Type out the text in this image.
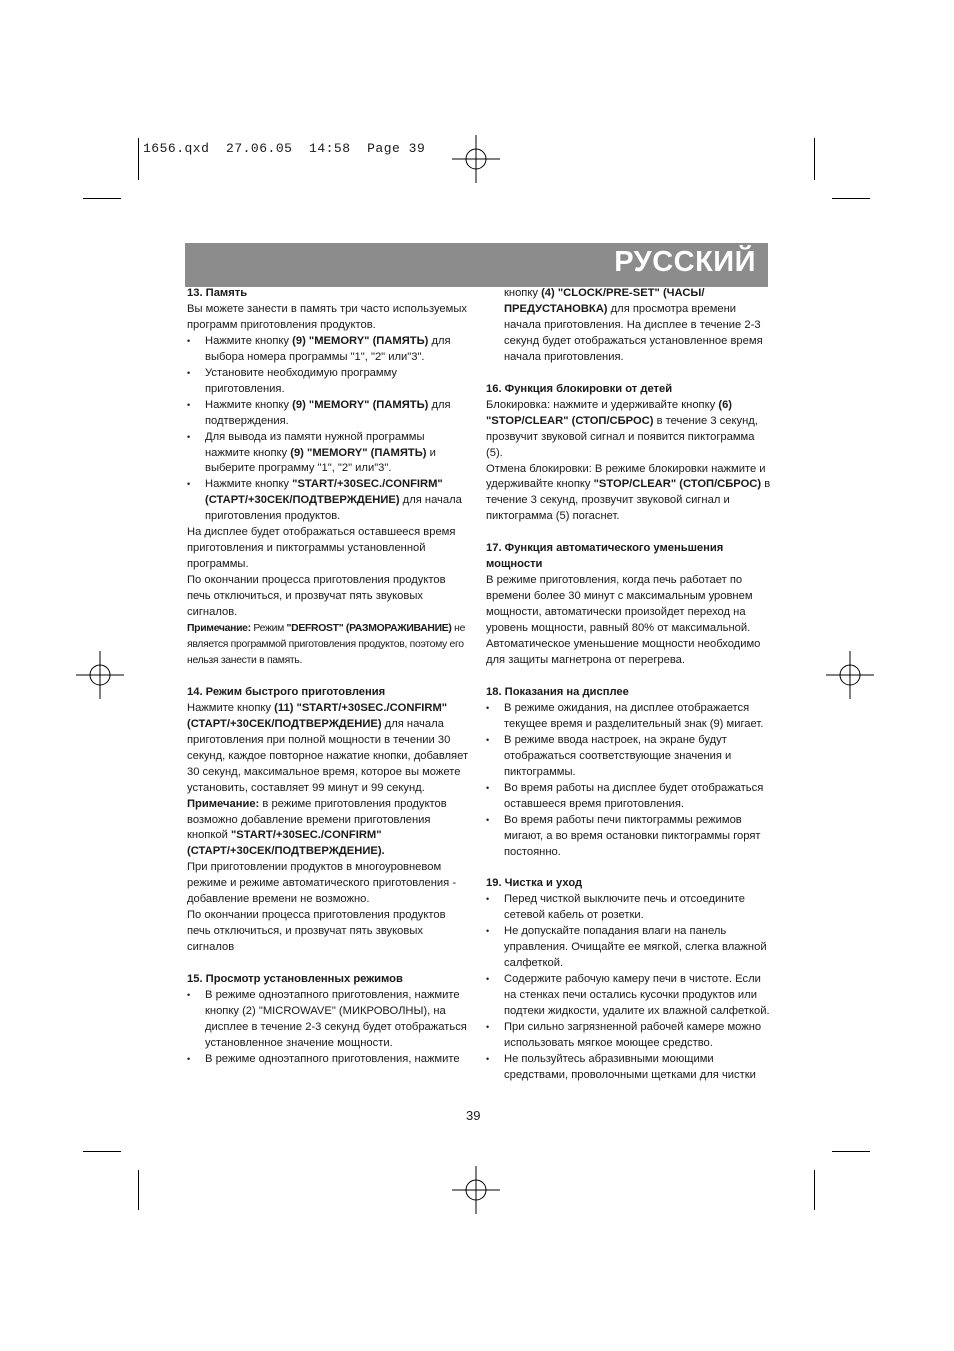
1656.qxd  27.06.05  14:58  Page 39
РУССКИЙ

13. Память

Вы можете занести в память три часто используемых программ приготовления продуктов.

• Нажмите кнопку (9) "MEMORY" (ПАМЯТЬ) для выбора номера программы "1", "2" или"3".

• Установите необходимую программу приготовления.

• Нажмите кнопку (9) "MEMORY" (ПАМЯТЬ) для подтверждения.

• Для вывода из памяти нужной программы нажмите кнопку (9) "MEMORY" (ПАМЯТЬ) и выберите программу "1", "2" или"3".

• Нажмите кнопку "START/+30SEC./CONFIRM" (СТАРТ/+30СЕК/ПОДТВЕРЖДЕНИЕ) для начала приготовления продуктов.

На дисплее будет отображаться оставшееся время приготовления и пиктограммы установленной программы.

По окончании процесса приготовления продуктов печь отключиться, и прозвучат пять звуковых сигналов.

Примечание: Режим "DEFROST" (РАЗМОРАЖИВАНИЕ) не является программой приготовления продуктов, поэтому его нельзя занести в память.

14. Режим быстрого приготовления

Нажмите кнопку (11) "START/+30SEC./CONFIRM" (СТАРТ/+30СЕК/ПОДТВЕРЖДЕНИЕ) для начала приготовления при полной мощности в течении 30 секунд, каждое повторное нажатие кнопки, добавляет 30 секунд, максимальное время, которое вы можете установить, составляет 99 минут и 99 секунд.

Примечание: в режиме приготовления продуктов возможно добавление времени приготовления кнопкой "START/+30SEC./CONFIRM" (СТАРТ/+30СЕК/ПОДТВЕРЖДЕНИЕ).

При приготовлении продуктов в многоуровневом режиме и режиме автоматического приготовления - добавление времени не возможно.

По окончании процесса приготовления продуктов печь отключиться, и прозвучат пять звуковых сигналов

15. Просмотр установленных режимов

• В режиме одноэтапного приготовления, нажмите кнопку (2) "MICROWAVE" (МИКРОВОЛНЫ), на дисплее в течение 2-3 секунд будет отображаться установленное значение мощности.

• В режиме одноэтапного приготовления, нажмите

кнопку (4) "CLOCK/PRE-SET" (ЧАСЫ/ ПРЕДУСТАНОВКА) для просмотра времени начала приготовления. На дисплее в течение 2-3 секунд будет отображаться установленное время начала приготовления.

16. Функция блокировки от детей

Блокировка: нажмите и удерживайте кнопку (6) "STOP/CLEAR" (СТОП/СБРОС) в течение 3 секунд, прозвучит звуковой сигнал и появится пиктограмма (5).

Отмена блокировки: В режиме блокировки нажмите и удерживайте кнопку "STOP/CLEAR" (СТОП/СБРОС) в течение 3 секунд, прозвучит звуковой сигнал и пиктограмма (5) погаснет.

17. Функция автоматического уменьшения мощности

В режиме приготовления, когда печь работает по времени более 30 минут с максимальным уровнем мощности, автоматически произойдет переход на уровень мощности, равный 80% от максимальной. Автоматическое уменьшение мощности необходимо для защиты магнетрона от перегрева.

18. Показания на дисплее

• В режиме ожидания, на дисплее отображается текущее время и разделительный знак (9) мигает.

• В режиме ввода настроек, на экране будут отображаться соответствующие значения и пиктограммы.

• Во время работы на дисплее будет отображаться оставшееся время приготовления.

• Во время работы печи пиктограммы режимов мигают, а во время остановки пиктограммы горят постоянно.

19. Чистка и уход

• Перед чисткой выключите печь и отсоедините сетевой кабель от розетки.

• Не допускайте попадания влаги на панель управления. Очищайте ее мягкой, слегка влажной салфеткой.

• Содержите рабочую камеру печи в чистоте. Если на стенках печи остались кусочки продуктов или подтеки жидкости, удалите их влажной салфеткой.

• При сильно загрязненной рабочей камере можно использовать мягкое моющее средство.

• Не пользуйтесь абразивными моющими средствами, проволочными щетками для чистки

39
